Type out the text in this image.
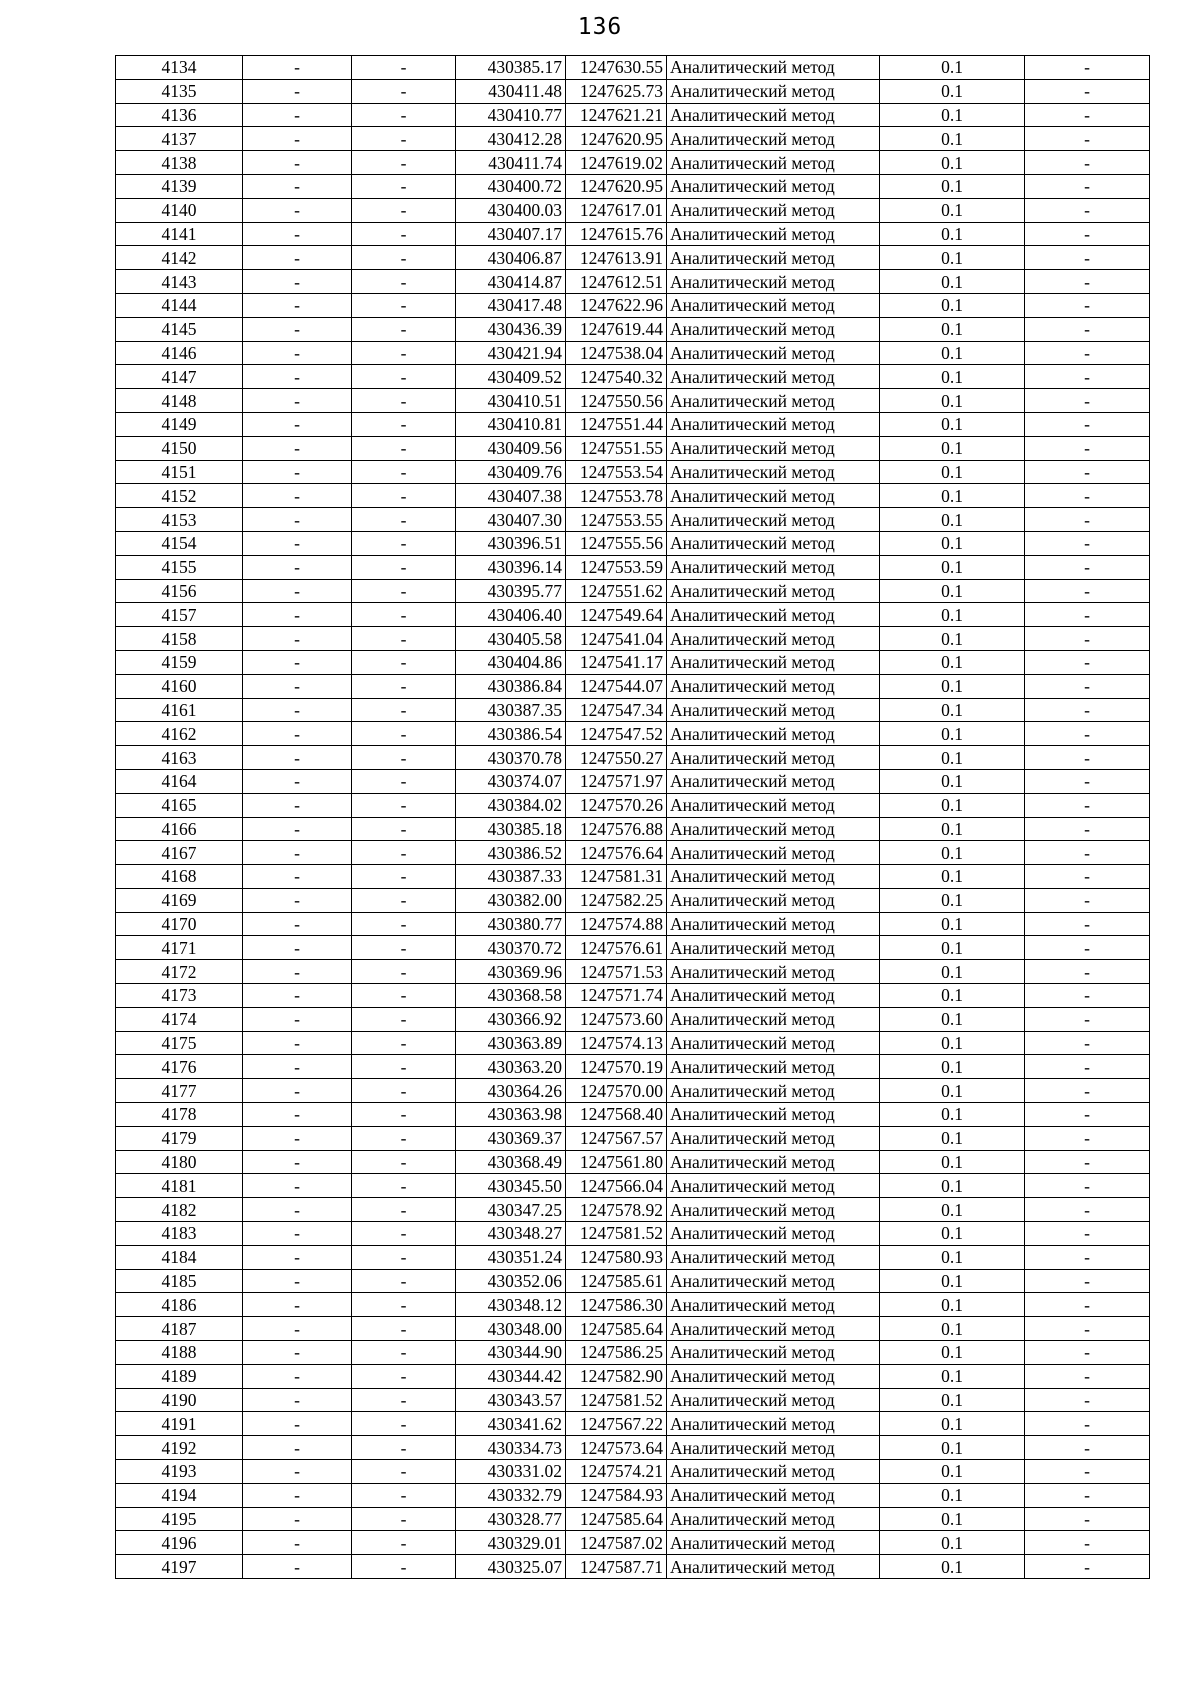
136
4134	-	-	430385.17	1247630.55	Аналитический метод	0.1	-
4135	-	-	430411.48	1247625.73	Аналитический метод	0.1	-
4136	-	-	430410.77	1247621.21	Аналитический метод	0.1	-
4137	-	-	430412.28	1247620.95	Аналитический метод	0.1	-
4138	-	-	430411.74	1247619.02	Аналитический метод	0.1	-
4139	-	-	430400.72	1247620.95	Аналитический метод	0.1	-
4140	-	-	430400.03	1247617.01	Аналитический метод	0.1	-
4141	-	-	430407.17	1247615.76	Аналитический метод	0.1	-
4142	-	-	430406.87	1247613.91	Аналитический метод	0.1	-
4143	-	-	430414.87	1247612.51	Аналитический метод	0.1	-
4144	-	-	430417.48	1247622.96	Аналитический метод	0.1	-
4145	-	-	430436.39	1247619.44	Аналитический метод	0.1	-
4146	-	-	430421.94	1247538.04	Аналитический метод	0.1	-
4147	-	-	430409.52	1247540.32	Аналитический метод	0.1	-
4148	-	-	430410.51	1247550.56	Аналитический метод	0.1	-
4149	-	-	430410.81	1247551.44	Аналитический метод	0.1	-
4150	-	-	430409.56	1247551.55	Аналитический метод	0.1	-
4151	-	-	430409.76	1247553.54	Аналитический метод	0.1	-
4152	-	-	430407.38	1247553.78	Аналитический метод	0.1	-
4153	-	-	430407.30	1247553.55	Аналитический метод	0.1	-
4154	-	-	430396.51	1247555.56	Аналитический метод	0.1	-
4155	-	-	430396.14	1247553.59	Аналитический метод	0.1	-
4156	-	-	430395.77	1247551.62	Аналитический метод	0.1	-
4157	-	-	430406.40	1247549.64	Аналитический метод	0.1	-
4158	-	-	430405.58	1247541.04	Аналитический метод	0.1	-
4159	-	-	430404.86	1247541.17	Аналитический метод	0.1	-
4160	-	-	430386.84	1247544.07	Аналитический метод	0.1	-
4161	-	-	430387.35	1247547.34	Аналитический метод	0.1	-
4162	-	-	430386.54	1247547.52	Аналитический метод	0.1	-
4163	-	-	430370.78	1247550.27	Аналитический метод	0.1	-
4164	-	-	430374.07	1247571.97	Аналитический метод	0.1	-
4165	-	-	430384.02	1247570.26	Аналитический метод	0.1	-
4166	-	-	430385.18	1247576.88	Аналитический метод	0.1	-
4167	-	-	430386.52	1247576.64	Аналитический метод	0.1	-
4168	-	-	430387.33	1247581.31	Аналитический метод	0.1	-
4169	-	-	430382.00	1247582.25	Аналитический метод	0.1	-
4170	-	-	430380.77	1247574.88	Аналитический метод	0.1	-
4171	-	-	430370.72	1247576.61	Аналитический метод	0.1	-
4172	-	-	430369.96	1247571.53	Аналитический метод	0.1	-
4173	-	-	430368.58	1247571.74	Аналитический метод	0.1	-
4174	-	-	430366.92	1247573.60	Аналитический метод	0.1	-
4175	-	-	430363.89	1247574.13	Аналитический метод	0.1	-
4176	-	-	430363.20	1247570.19	Аналитический метод	0.1	-
4177	-	-	430364.26	1247570.00	Аналитический метод	0.1	-
4178	-	-	430363.98	1247568.40	Аналитический метод	0.1	-
4179	-	-	430369.37	1247567.57	Аналитический метод	0.1	-
4180	-	-	430368.49	1247561.80	Аналитический метод	0.1	-
4181	-	-	430345.50	1247566.04	Аналитический метод	0.1	-
4182	-	-	430347.25	1247578.92	Аналитический метод	0.1	-
4183	-	-	430348.27	1247581.52	Аналитический метод	0.1	-
4184	-	-	430351.24	1247580.93	Аналитический метод	0.1	-
4185	-	-	430352.06	1247585.61	Аналитический метод	0.1	-
4186	-	-	430348.12	1247586.30	Аналитический метод	0.1	-
4187	-	-	430348.00	1247585.64	Аналитический метод	0.1	-
4188	-	-	430344.90	1247586.25	Аналитический метод	0.1	-
4189	-	-	430344.42	1247582.90	Аналитический метод	0.1	-
4190	-	-	430343.57	1247581.52	Аналитический метод	0.1	-
4191	-	-	430341.62	1247567.22	Аналитический метод	0.1	-
4192	-	-	430334.73	1247573.64	Аналитический метод	0.1	-
4193	-	-	430331.02	1247574.21	Аналитический метод	0.1	-
4194	-	-	430332.79	1247584.93	Аналитический метод	0.1	-
4195	-	-	430328.77	1247585.64	Аналитический метод	0.1	-
4196	-	-	430329.01	1247587.02	Аналитический метод	0.1	-
4197	-	-	430325.07	1247587.71	Аналитический метод	0.1	-
